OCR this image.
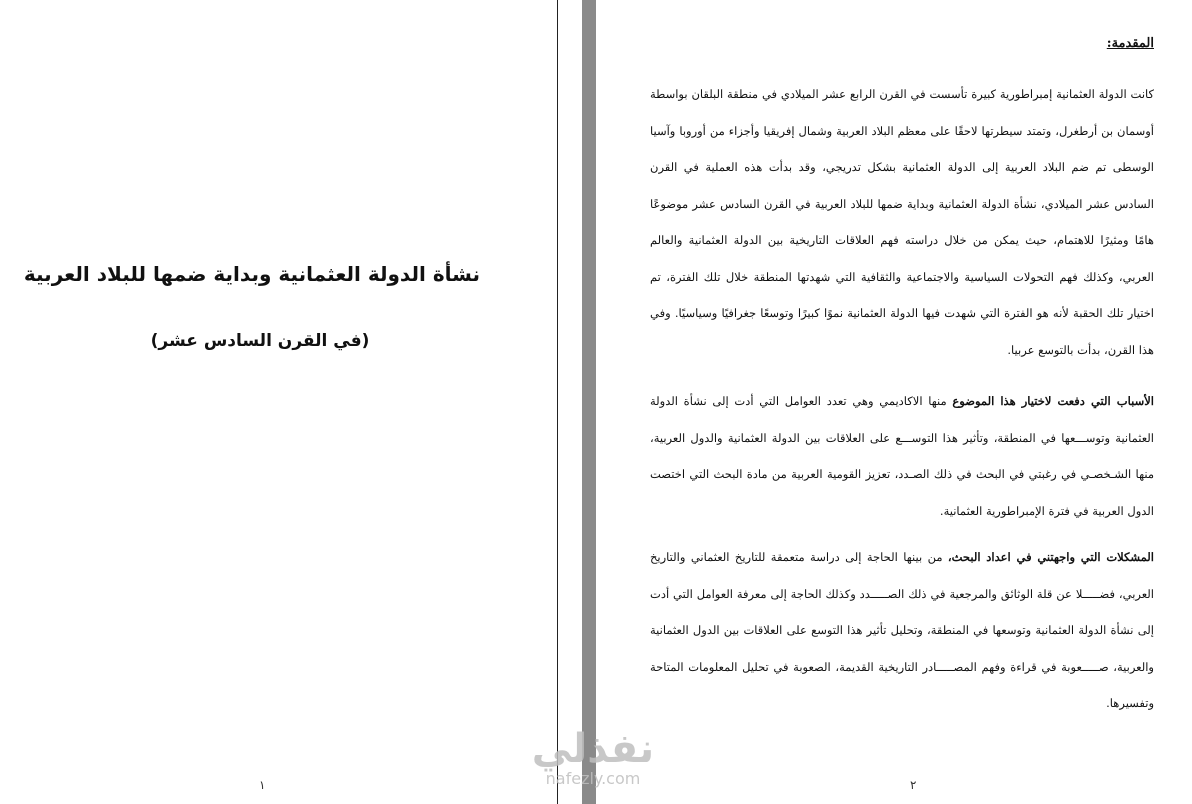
نشأة الدولة العثمانية وبداية ضمها للبلاد العربية
(في القرن السادس عشر)
١
المقدمة:

كانت الدولة العثمانية إمبراطورية كبيرة تأسست في القرن الرابع عشر الميلادي في منطقة البلقان بواسطة أوسمان بن أرطغرل، وتمتد سيطرتها لاحقًا على معظم البلاد العربية وشمال إفريقيا وأجزاء من أوروبا وآسيا الوسطى تم ضم البلاد العربية إلى الدولة العثمانية بشكل تدريجي، وقد بدأت هذه العملية في القرن السادس عشر الميلادي، نشأة الدولة العثمانية وبداية ضمها للبلاد العربية في القرن السادس عشر موضوعًا هامًا ومثيرًا للاهتمام، حيث يمكن من خلال دراسته فهم العلاقات التاريخية بين الدولة العثمانية والعالم العربي، وكذلك فهم التحولات السياسية والاجتماعية والثقافية التي شهدتها المنطقة خلال تلك الفترة، تم اختيار تلك الحقبة لأنه هو الفترة التي شهدت فيها الدولة العثمانية نموًا كبيرًا وتوسعًا جغرافيًا وسياسيًا. وفي هذا القرن، بدأت بالتوسع عربيا.

الأسباب التي دفعت لاختيار هذا الموضوع منها الاكاديمي وهي تعدد العوامل التي أدت إلى نشأة الدولة العثمانية وتوســـعها في المنطقة، وتأثير هذا التوســـع على العلاقات بين الدولة العثمانية والدول العربية، منها الشـخصـي في رغبتي في البحث في ذلك الصـدد، تعزيز القومية العربية من مادة البحث التي اختصت الدول العربية في فترة الإمبراطورية العثمانية.

المشكلات التي واجهتني في اعداد البحث، من بينها الحاجة إلى دراسة متعمقة للتاريخ العثماني والتاريخ العربي، فضـــــلا عن قلة الوثائق والمرجعية في ذلك الصـــــدد وكذلك الحاجة إلى معرفة العوامل التي أدت إلى نشأة الدولة العثمانية وتوسعها في المنطقة، وتحليل تأثير هذا التوسع على العلاقات بين الدول العثمانية والعربية، صـــــعوبة في قراءة وفهم المصـــــادر التاريخية القديمة، الصعوبة في تحليل المعلومات المتاحة وتفسيرها.

٢
نفذلي
nafezly.com
